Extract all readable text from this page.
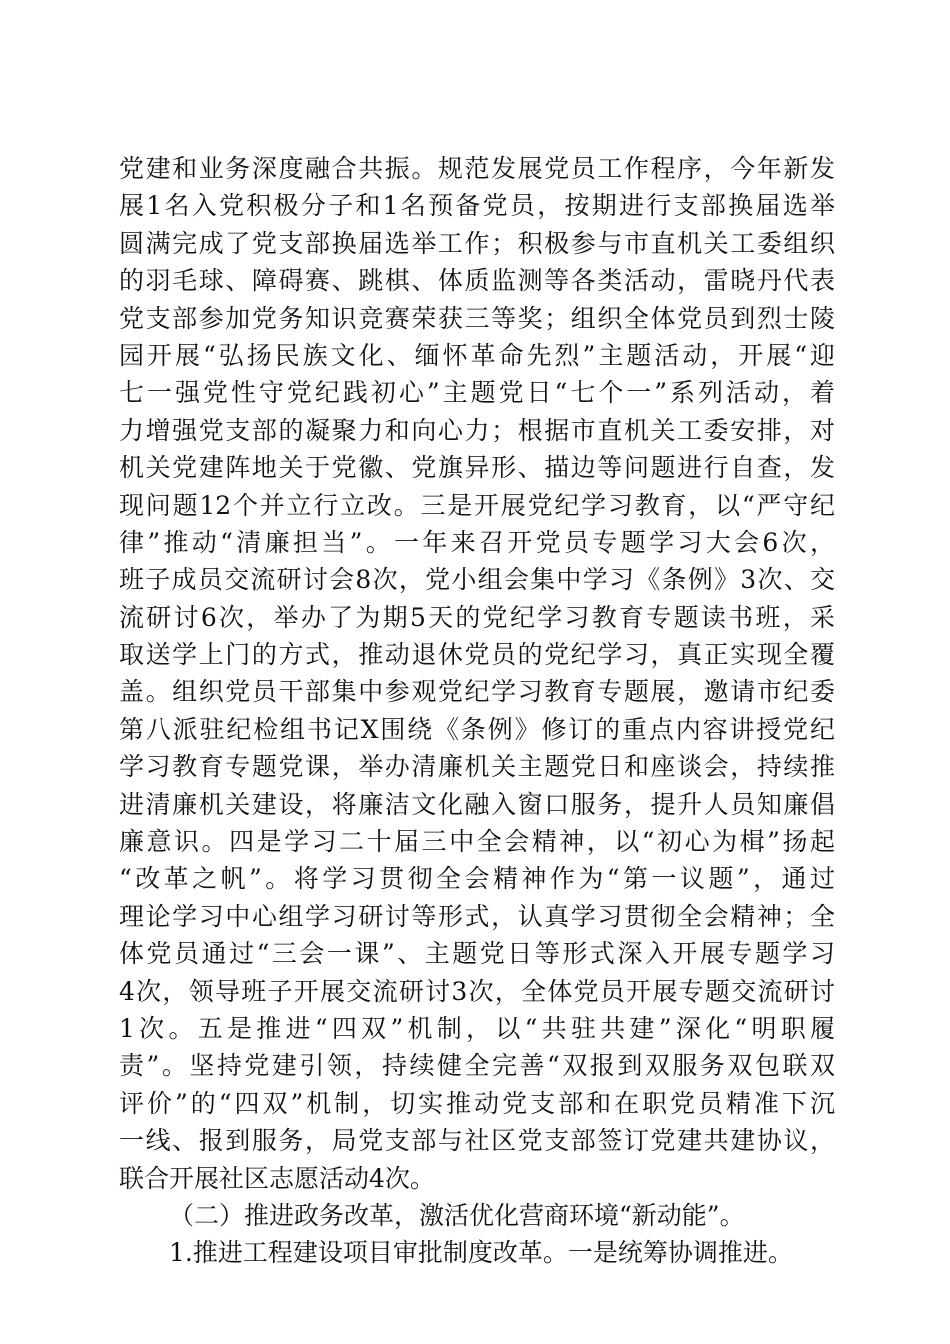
党建和业务深度融合共振。规范发展党员工作程序，今年新发
展1名入党积极分子和1名预备党员，按期进行支部换届选举
圆满完成了党支部换届选举工作；积极参与市直机关工委组织
的羽毛球、障碍赛、跳棋、体质监测等各类活动，雷晓丹代表
党支部参加党务知识竞赛荣获三等奖；组织全体党员到烈士陵
园开展“弘扬民族文化、缅怀革命先烈”主题活动，开展“迎
七一强党性守党纪践初心”主题党日“七个一”系列活动，着
力增强党支部的凝聚力和向心力；根据市直机关工委安排，对
机关党建阵地关于党徽、党旗异形、描边等问题进行自查，发
现问题12个并立行立改。三是开展党纪学习教育，以“严守纪
律”推动“清廉担当”。一年来召开党员专题学习大会6次，
班子成员交流研讨会8次，党小组会集中学习《条例》3次、交
流研讨6次，举办了为期5天的党纪学习教育专题读书班，采
取送学上门的方式，推动退休党员的党纪学习，真正实现全覆
盖。组织党员干部集中参观党纪学习教育专题展，邀请市纪委
第八派驻纪检组书记X围绕《条例》修订的重点内容讲授党纪
学习教育专题党课，举办清廉机关主题党日和座谈会，持续推
进清廉机关建设，将廉洁文化融入窗口服务，提升人员知廉倡
廉意识。四是学习二十届三中全会精神，以“初心为楫”扬起
“改革之帆”。将学习贯彻全会精神作为“第一议题”，通过
理论学习中心组学习研讨等形式，认真学习贯彻全会精神；全
体党员通过“三会一课”、主题党日等形式深入开展专题学习
4次，领导班子开展交流研讨3次，全体党员开展专题交流研讨
1次。五是推进“四双”机制，以“共驻共建”深化“明职履
责”。坚持党建引领，持续健全完善“双报到双服务双包联双
评价”的“四双”机制，切实推动党支部和在职党员精准下沉
一线、报到服务，局党支部与社区党支部签订党建共建协议，
联合开展社区志愿活动4次。
（二）推进政务改革，激活优化营商环境“新动能”。
1.推进工程建设项目审批制度改革。一是统筹协调推进。
